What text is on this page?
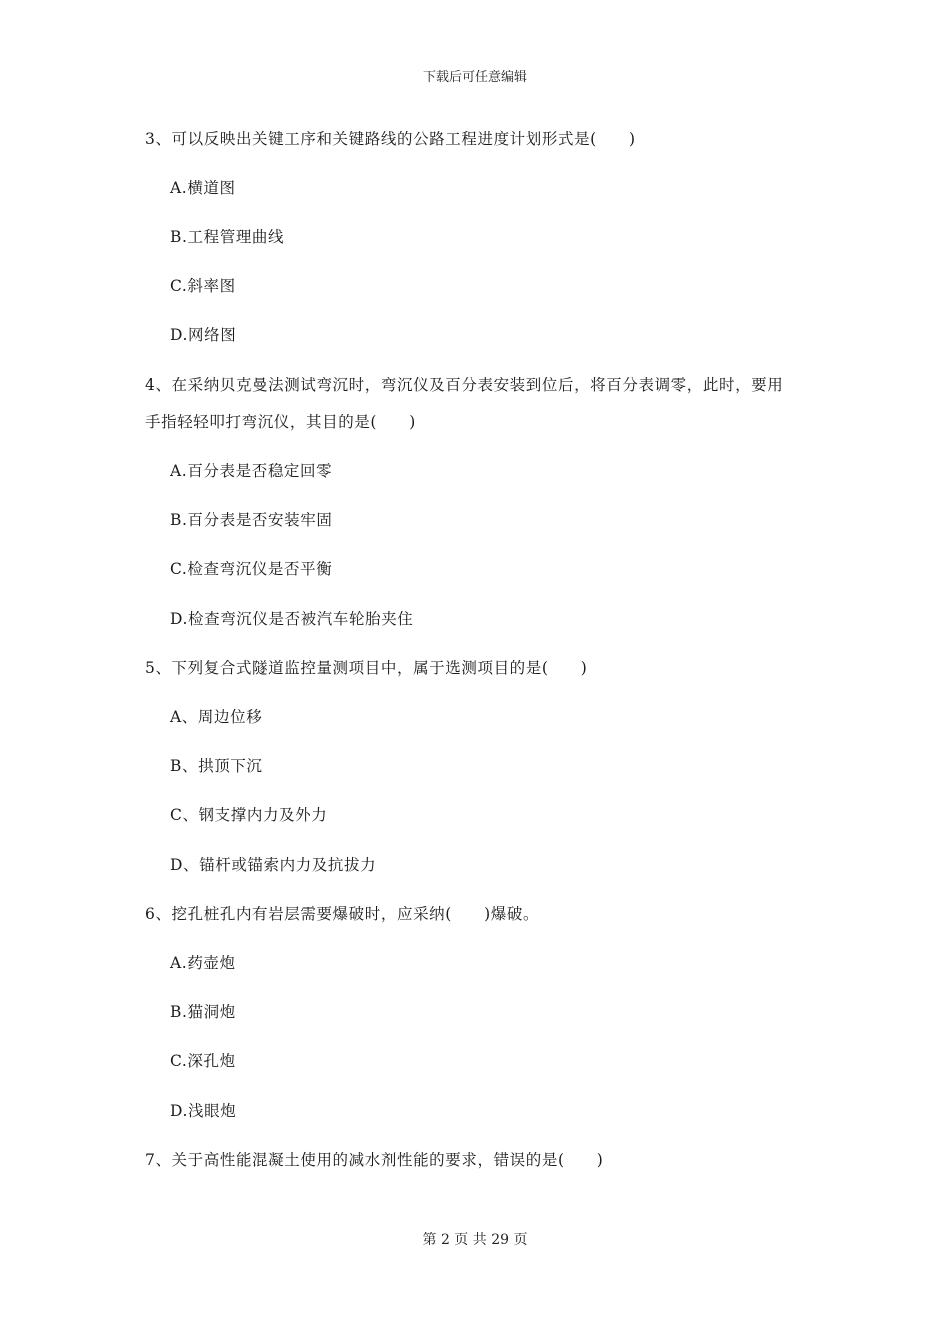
下载后可任意编辑
3、可以反映出关键工序和关键路线的公路工程进度计划形式是(　　)
A.横道图
B.工程管理曲线
C.斜率图
D.网络图
4、在采纳贝克曼法测试弯沉时，弯沉仪及百分表安装到位后，将百分表调零，此时，要用
手指轻轻叩打弯沉仪，其目的是(　　)
A.百分表是否稳定回零
B.百分表是否安装牢固
C.检查弯沉仪是否平衡
D.检查弯沉仪是否被汽车轮胎夹住
5、下列复合式隧道监控量测项目中，属于选测项目的是(　　)
A、周边位移
B、拱顶下沉
C、钢支撑内力及外力
D、锚杆或锚索内力及抗拔力
6、挖孔桩孔内有岩层需要爆破时，应采纳(　　)爆破。
A.药壶炮
B.猫洞炮
C.深孔炮
D.浅眼炮
7、关于高性能混凝土使用的减水剂性能的要求，错误的是(　　)
第 2 页 共 29 页
